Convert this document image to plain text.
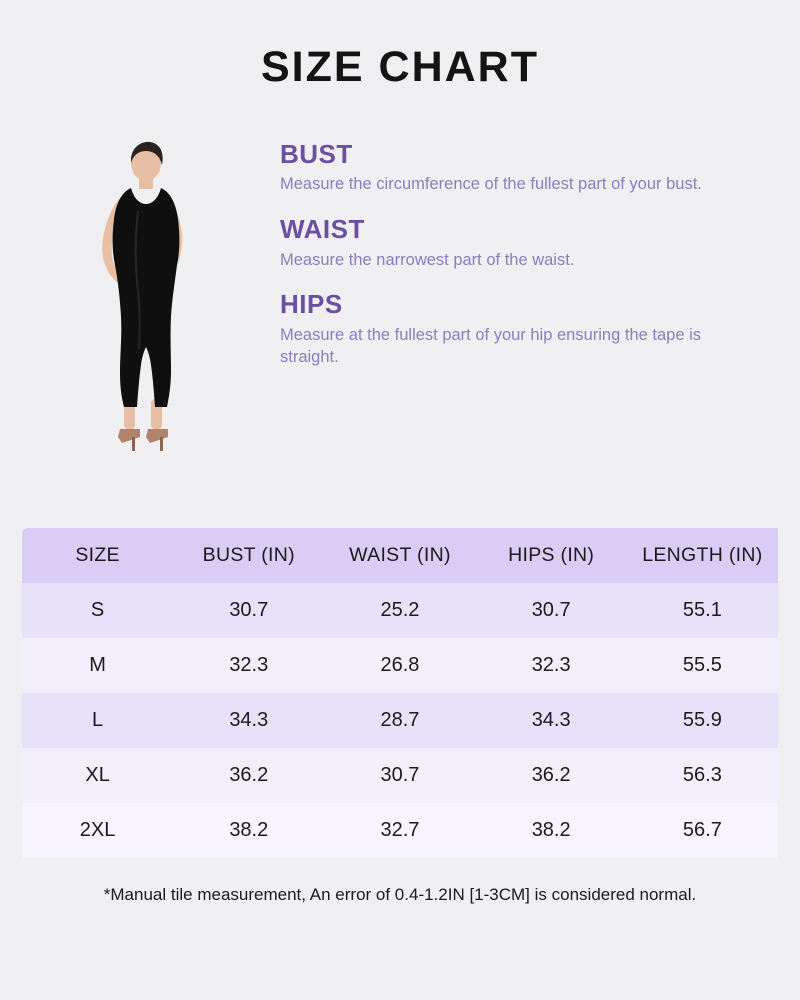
SIZE CHART

BUST

Measure the circumference of the fullest part of your bust.

WAIST

Measure the narrowest part of the waist.

HIPS

Measure at the fullest part of your hip ensuring the tape is straight.

SIZE	BUST (IN)	WAIST (IN)	HIPS (IN)	LENGTH (IN)
S	30.7	25.2	30.7	55.1
M	32.3	26.8	32.3	55.5
L	34.3	28.7	34.3	55.9
XL	36.2	30.7	36.2	56.3
2XL	38.2	32.7	38.2	56.7
*Manual tile measurement, An error of 0.4-1.2IN [1-3CM] is considered normal.
